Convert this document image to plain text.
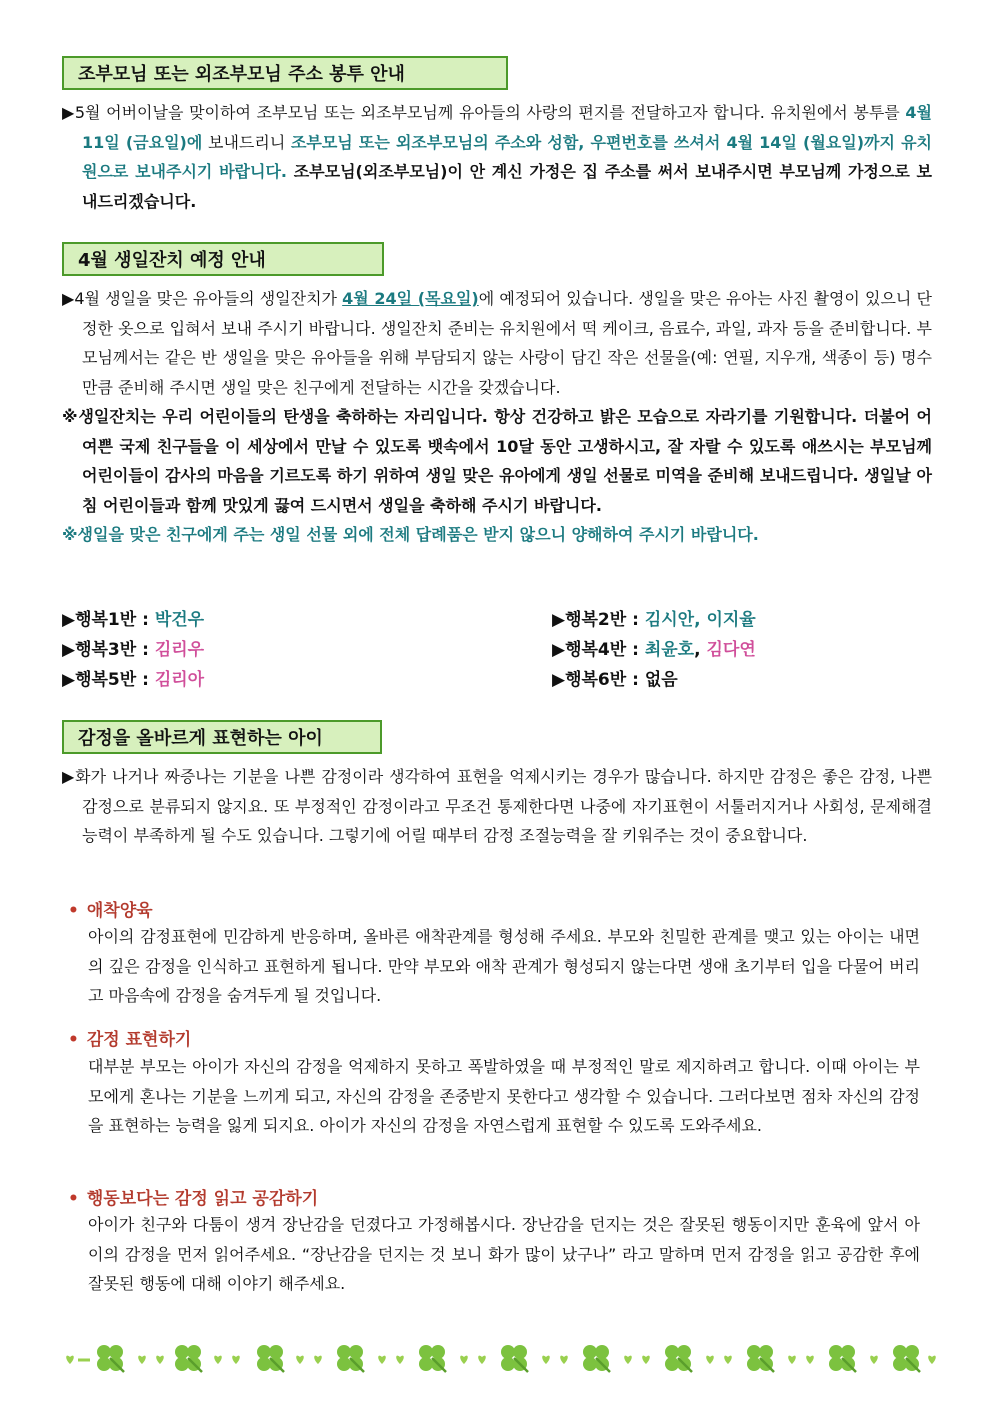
조부모님 또는 외조부모님 주소 봉투 안내
▶5월 어버이날을 맞이하여 조부모님 또는 외조부모님께 유아들의 사랑의 편지를 전달하고자 합니다. 유치원에서 봉투를 4월 11일 (금요일)에 보내드리니 조부모님 또는 외조부모님의 주소와 성함, 우편번호를 쓰셔서 4월 14일 (월요일)까지 유치원으로 보내주시기 바랍니다. 조부모님(외조부모님)이 안 계신 가정은 집 주소를 써서 보내주시면 부모님께 가정으로 보내드리겠습니다.
4월 생일잔치 예정 안내
▶4월 생일을 맞은 유아들의 생일잔치가 4월 24일 (목요일)에 예정되어 있습니다. 생일을 맞은 유아는 사진 촬영이 있으니 단정한 옷으로 입혀서 보내 주시기 바랍니다. 생일잔치 준비는 유치원에서 떡 케이크, 음료수, 과일, 과자 등을 준비합니다. 부모님께서는 같은 반 생일을 맞은 유아들을 위해 부담되지 않는 사랑이 담긴 작은 선물을(예: 연필, 지우개, 색종이 등) 명수만큼 준비해 주시면 생일 맞은 친구에게 전달하는 시간을 갖겠습니다.
※생일잔치는 우리 어린이들의 탄생을 축하하는 자리입니다. 항상 건강하고 밝은 모습으로 자라기를 기원합니다. 더불어 어여쁜 국제 친구들을 이 세상에서 만날 수 있도록 뱃속에서 10달 동안 고생하시고, 잘 자랄 수 있도록 애쓰시는 부모님께 어린이들이 감사의 마음을 기르도록 하기 위하여 생일 맞은 유아에게 생일 선물로 미역을 준비해 보내드립니다. 생일날 아침 어린이들과 함께 맛있게 끓여 드시면서 생일을 축하해 주시기 바랍니다.
※생일을 맞은 친구에게 주는 생일 선물 외에 전체 답례품은 받지 않으니 양해하여 주시기 바랍니다.
▶행복1반 : 박건우	▶행복2반 : 김시안, 이지율
▶행복3반 : 김리우	▶행복4반 : 최윤호, 김다연
▶행복5반 : 김리아	▶행복6반 : 없음
감정을 올바르게 표현하는 아이
▶화가 나거나 짜증나는 기분을 나쁜 감정이라 생각하여 표현을 억제시키는 경우가 많습니다. 하지만 감정은 좋은 감정, 나쁜 감정으로 분류되지 않지요. 또 부정적인 감정이라고 무조건 통제한다면 나중에 자기표현이 서툴러지거나 사회성, 문제해결능력이 부족하게 될 수도 있습니다. 그렇기에 어릴 때부터 감정 조절능력을 잘 키워주는 것이 중요합니다.
• 애착양육
아이의 감정표현에 민감하게 반응하며, 올바른 애착관계를 형성해 주세요. 부모와 친밀한 관계를 맺고 있는 아이는 내면의 깊은 감정을 인식하고 표현하게 됩니다. 만약 부모와 애착 관계가 형성되지 않는다면 생애 초기부터 입을 다물어 버리고 마음속에 감정을 숨겨두게 될 것입니다.
• 감정 표현하기
대부분 부모는 아이가 자신의 감정을 억제하지 못하고 폭발하였을 때 부정적인 말로 제지하려고 합니다. 이때 아이는 부모에게 혼나는 기분을 느끼게 되고, 자신의 감정을 존중받지 못한다고 생각할 수 있습니다. 그러다보면 점차 자신의 감정을 표현하는 능력을 잃게 되지요. 아이가 자신의 감정을 자연스럽게 표현할 수 있도록 도와주세요.
• 행동보다는 감정 읽고 공감하기
아이가 친구와 다툼이 생겨 장난감을 던졌다고 가정해봅시다. 장난감을 던지는 것은 잘못된 행동이지만 훈육에 앞서 아이의 감정을 먼저 읽어주세요. “장난감을 던지는 것 보니 화가 많이 났구나” 라고 말하며 먼저 감정을 읽고 공감한 후에 잘못된 행동에 대해 이야기 해주세요.
